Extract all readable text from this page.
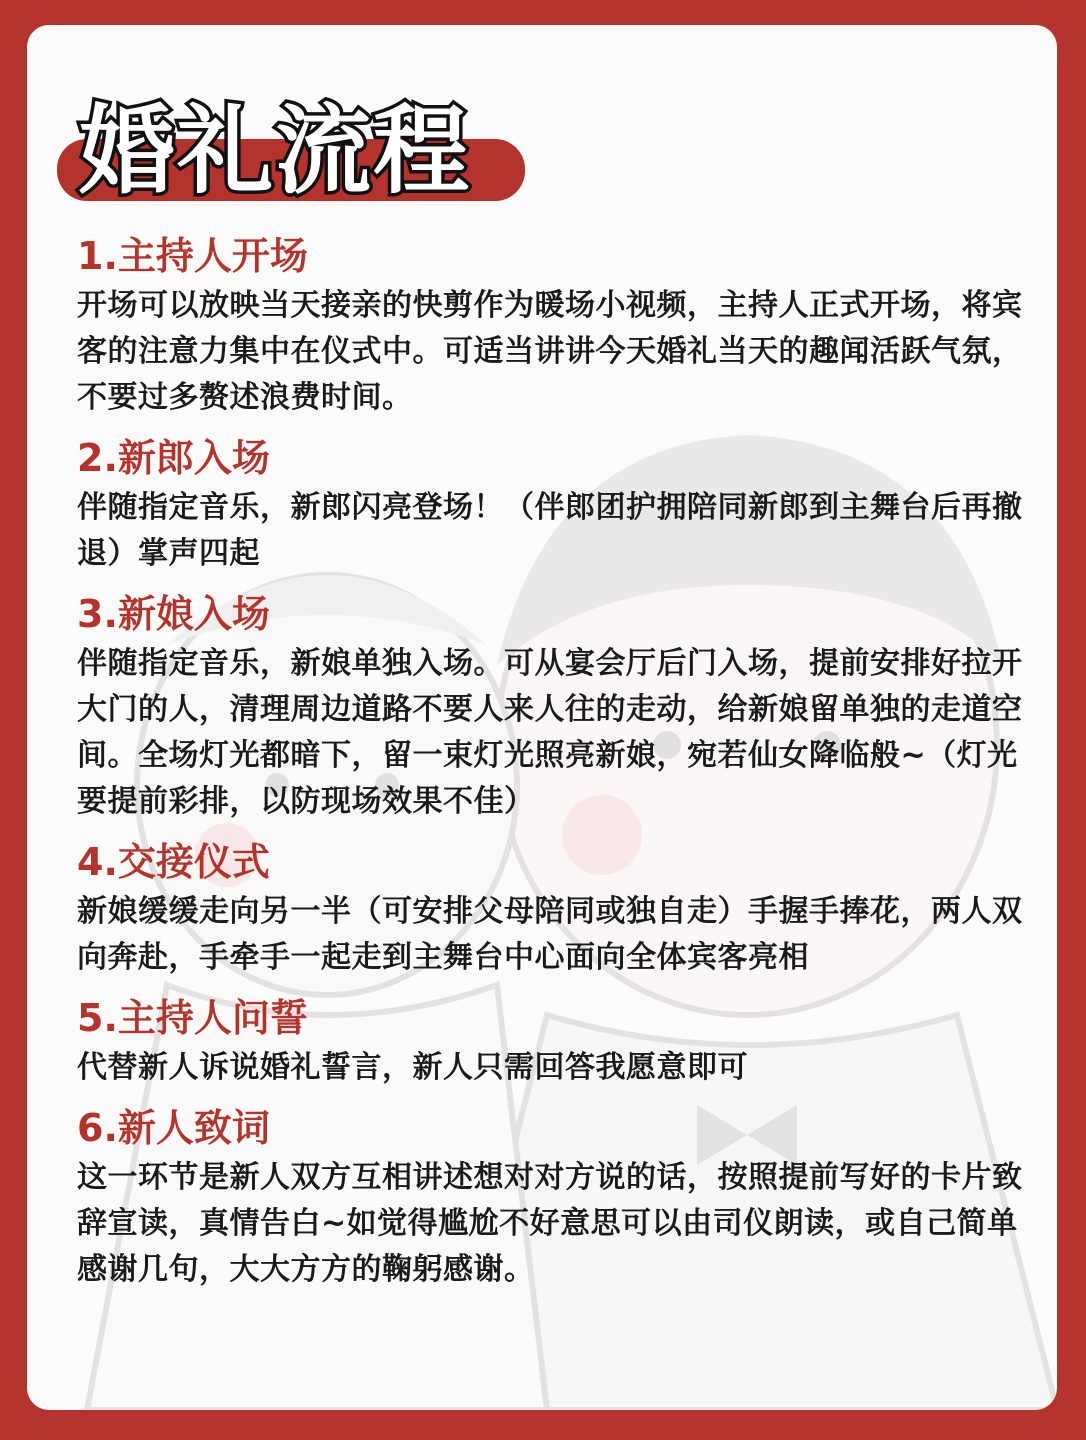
婚礼流程

1.主持人开场

开场可以放映当天接亲的快剪作为暖场小视频，主持人正式开场，将宾客的注意力集中在仪式中。可适当讲讲今天婚礼当天的趣闻活跃气氛，不要过多赘述浪费时间。

2.新郎入场

伴随指定音乐，新郎闪亮登场！（伴郎团护拥陪同新郎到主舞台后再撤退）掌声四起

3.新娘入场

伴随指定音乐，新娘单独入场。可从宴会厅后门入场，提前安排好拉开大门的人，清理周边道路不要人来人往的走动，给新娘留单独的走道空间。全场灯光都暗下，留一束灯光照亮新娘，宛若仙女降临般~（灯光要提前彩排，以防现场效果不佳）

4.交接仪式

新娘缓缓走向另一半（可安排父母陪同或独自走）手握手捧花，两人双向奔赴，手牵手一起走到主舞台中心面向全体宾客亮相

5.主持人问誓

代替新人诉说婚礼誓言，新人只需回答我愿意即可

6.新人致词

这一环节是新人双方互相讲述想对对方说的话，按照提前写好的卡片致辞宣读，真情告白~如觉得尴尬不好意思可以由司仪朗读，或自己简单感谢几句，大大方方的鞠躬感谢。
